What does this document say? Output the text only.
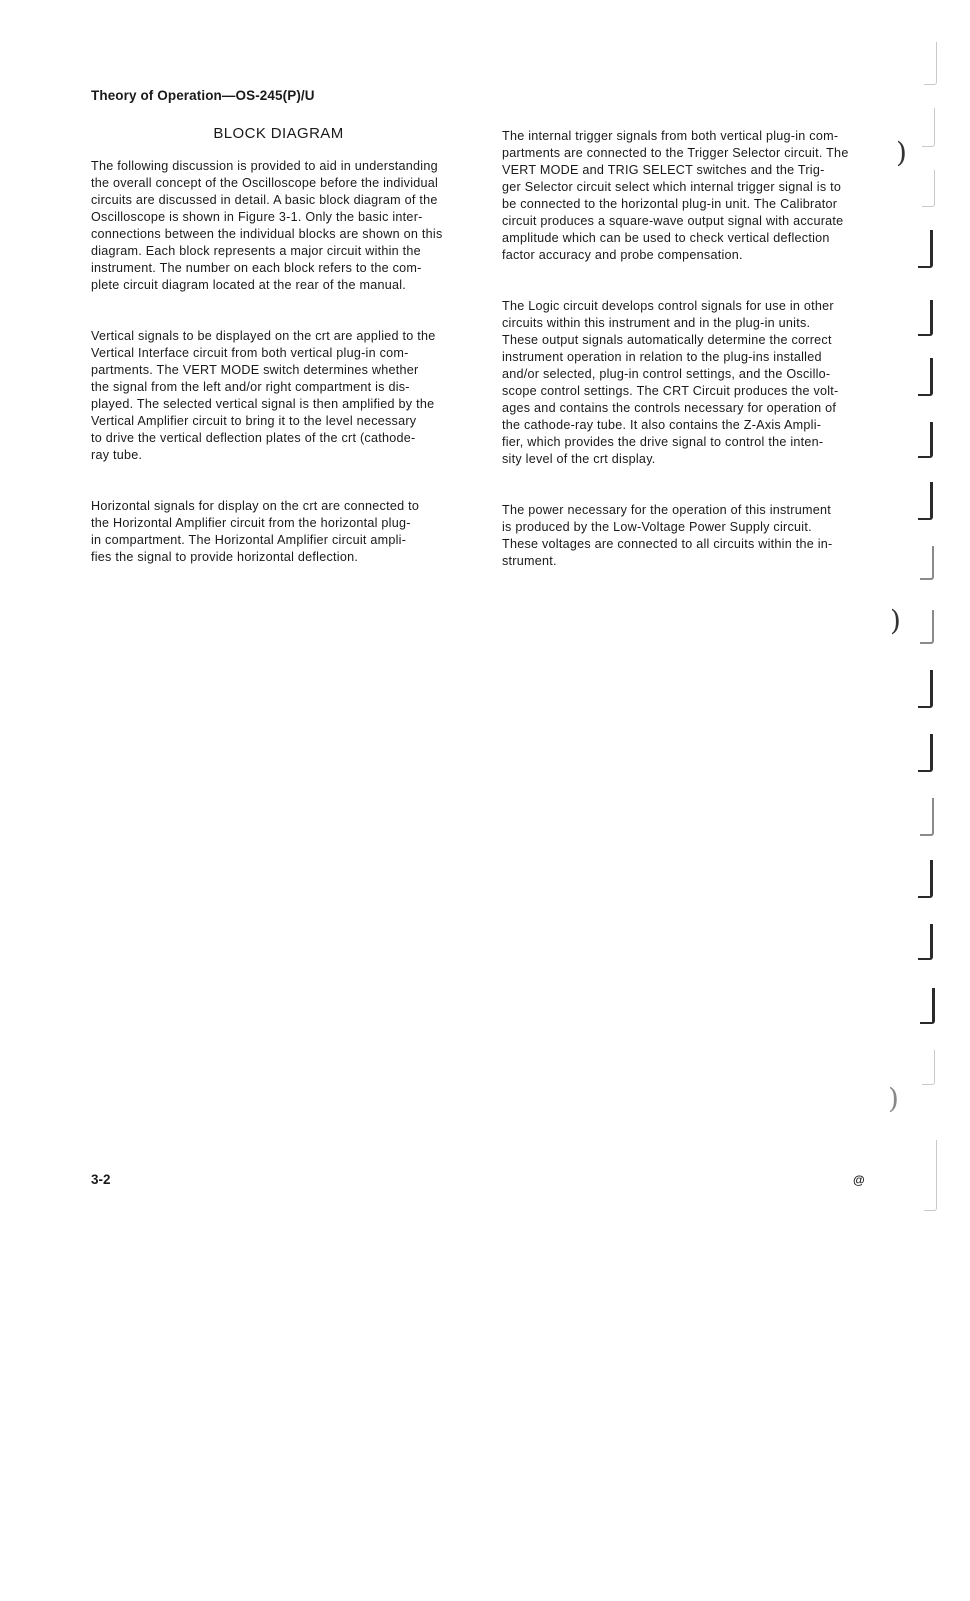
Theory of Operation—OS-245(P)/U
BLOCK DIAGRAM

The following discussion is provided to aid in understanding
the overall concept of the Oscilloscope before the individual
circuits are discussed in detail. A basic block diagram of the
Oscilloscope is shown in Figure 3-1. Only the basic inter-
connections between the individual blocks are shown on this
diagram. Each block represents a major circuit within the
instrument. The number on each block refers to the com-
plete circuit diagram located at the rear of the manual.

Vertical signals to be displayed on the crt are applied to the
Vertical Interface circuit from both vertical plug-in com-
partments. The VERT MODE switch determines whether
the signal from the left and/or right compartment is dis-
played. The selected vertical signal is then amplified by the
Vertical Amplifier circuit to bring it to the level necessary
to drive the vertical deflection plates of the crt (cathode-
ray tube.

Horizontal signals for display on the crt are connected to
the Horizontal Amplifier circuit from the horizontal plug-
in compartment. The Horizontal Amplifier circuit ampli-
fies the signal to provide horizontal deflection.

The internal trigger signals from both vertical plug-in com-
partments are connected to the Trigger Selector circuit. The
VERT MODE and TRIG SELECT switches and the Trig-
ger Selector circuit select which internal trigger signal is to
be connected to the horizontal plug-in unit. The Calibrator
circuit produces a square-wave output signal with accurate
amplitude which can be used to check vertical deflection
factor accuracy and probe compensation.

The Logic circuit develops control signals for use in other
circuits within this instrument and in the plug-in units.
These output signals automatically determine the correct
instrument operation in relation to the plug-ins installed
and/or selected, plug-in control settings, and the Oscillo-
scope control settings. The CRT Circuit produces the volt-
ages and contains the controls necessary for operation of
the cathode-ray tube. It also contains the Z-Axis Ampli-
fier, which provides the drive signal to control the inten-
sity level of the crt display.

The power necessary for the operation of this instrument
is produced by the Low-Voltage Power Supply circuit.
These voltages are connected to all circuits within the in-
strument.

)
)
)
3-2	@
